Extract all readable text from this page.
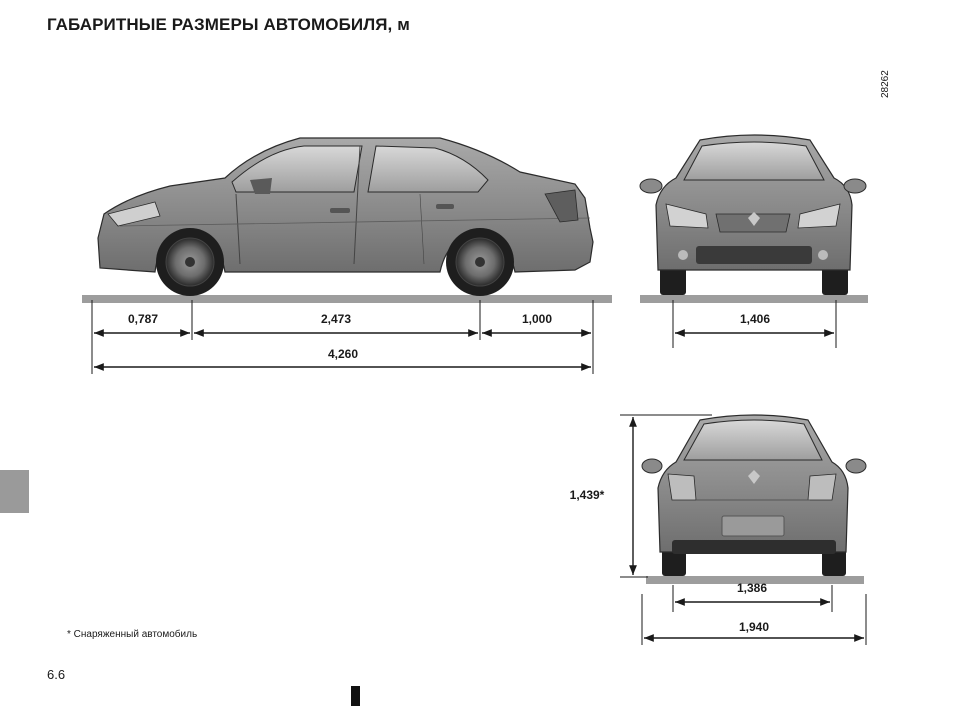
ГАБАРИТНЫЕ РАЗМЕРЫ АВТОМОБИЛЯ, м
28262
0,787	2,473	1,000
4,260
1,406
1,439*
1,386
1,940
* Снаряженный автомобиль
6.6
